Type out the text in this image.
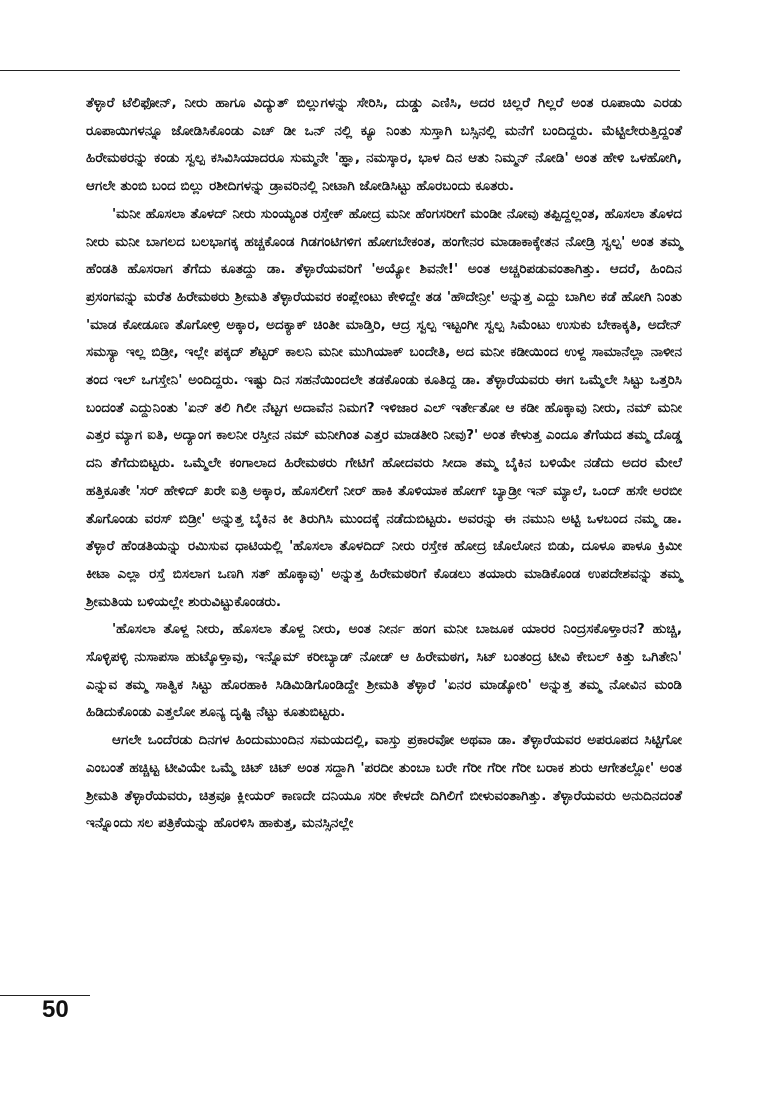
ತೆಳ್ಳಾರೆ ಟೆಲಿಫೋನ್, ನೀರು ಹಾಗೂ ವಿದ್ಯುತ್ ಬಿಲ್ಲುಗಳನ್ನು ಸೇರಿಸಿ, ದುಡ್ಡು ಎಣಿಸಿ, ಅದರ ಚಿಲ್ಲರೆ ಗಿಲ್ಲರೆ ಅಂತ ರೂಪಾಯಿ ಎರಡು ರೂಪಾಯಿಗಳನ್ನೂ ಜೋಡಿಸಿಕೊಂಡು ಎಚ್ ಡೀ ಒನ್ ನಲ್ಲಿ ಕ್ಯೂ ನಿಂತು ಸುಸ್ತಾಗಿ ಬಸ್ಸಿನಲ್ಲಿ ಮನೆಗೆ ಬಂದಿದ್ದರು. ಮೆಟ್ಟಿಲೇರುತ್ತಿದ್ದಂತೆ ಹಿರೇಮಠರನ್ನು ಕಂಡು ಸ್ವಲ್ಪ ಕಸಿವಿಸಿಯಾದರೂ ಸುಮ್ಮನೇ 'ಹ್ಞಾ, ನಮಸ್ಕಾರ, ಭಾಳ ದಿನ ಆತು ನಿಮ್ಮನ್ ನೋಡಿ' ಅಂತ ಹೇಳಿ ಒಳಹೋಗಿ, ಆಗಲೇ ತುಂಬಿ ಬಂದ ಬಿಲ್ಲು ರಶೀದಿಗಳನ್ನು ಡ್ರಾವರಿನಲ್ಲಿ ನೀಟಾಗಿ ಜೋಡಿಸಿಟ್ಟು ಹೊರಬಂದು ಕೂತರು.

'ಮನೀ ಹೊಸಲಾ ತೊಳದ್ ನೀರು ಸುಂಯ್ಯಂತ ರಸ್ತೇಕ್ ಹೋದ್ರ ಮನೀ ಹೆಂಗಸರೀಗೆ ಮಂಡೀ ನೋವು ತಪ್ಪಿದ್ದಲ್ಲಂತ, ಹೊಸಲಾ ತೊಳದ ನೀರು ಮನೀ ಬಾಗಲದ ಬಲಭಾಗಕ್ಕ ಹಚ್ಚಕೊಂಡ ಗಿಡಗಂಟಿಗಳಿಗ ಹೋಗಬೇಕಂತ, ಹಂಗೇನರ ಮಾಡಾಕಾಕ್ಕೇತನ ನೋಡ್ರಿ ಸ್ವಲ್ಪ' ಅಂತ ತಮ್ಮ ಹೆಂಡತಿ ಹೊಸರಾಗ ತೆಗೆದು ಕೂತದ್ದು ಡಾ. ತೆಳ್ಳಾರೆಯವರಿಗೆ 'ಅಯ್ಯೋ ಶಿವನೇ!' ಅಂತ ಅಚ್ಚರಿಪಡುವಂತಾಗಿತ್ತು. ಆದರೆ, ಹಿಂದಿನ ಪ್ರಸಂಗವನ್ನು ಮರೆತ ಹಿರೇಮಠರು ಶ್ರೀಮತಿ ತೆಳ್ಳಾರೆಯವರ ಕಂಪ್ಲೇಂಟು ಕೇಳಿದ್ದೇ ತಡ 'ಹೌದೇನ್ರೀ' ಅನ್ನುತ್ತ ಎದ್ದು ಬಾಗಿಲ ಕಡೆ ಹೋಗಿ ನಿಂತು 'ಮಾಡ ಕೋಡೂಣ ತೊಗೋಳ್ರಿ ಅಕ್ಕಾರ, ಅದಕ್ಯಾಕ್ ಚಿಂತೀ ಮಾಡ್ತಿರಿ, ಆದ್ರ ಸ್ವಲ್ಪ ಇಟ್ಟಂಗೀ ಸ್ವಲ್ಪ ಸಿಮೆಂಟು ಉಸುಕು ಬೇಕಾಕ್ಕತಿ, ಅದೇನ್ ಸಮಸ್ಯಾ ಇಲ್ಲ ಬಿಡ್ರೀ, ಇಲ್ಲೇ ಪಕ್ಕದ್ ಶೆಟ್ಟರ್ ಕಾಲನಿ ಮನೀ ಮುಗಿಯಾಕ್ ಬಂದೇತಿ, ಅದ ಮನೀ ಕಡೀಯಿಂದ ಉಳ್ದ ಸಾಮಾನೆಲ್ಲಾ ನಾಳೀನ ತಂದ ಇಲ್ ಒಗಸ್ತೇನಿ' ಅಂದಿದ್ದರು. ಇಷ್ಟು ದಿನ ಸಹನೆಯಿಂದಲೇ ತಡಕೊಂಡು ಕೂತಿದ್ದ ಡಾ. ತೆಳ್ಳಾರೆಯವರು ಈಗ ಒಮ್ಮೆಲೇ ಸಿಟ್ಟು ಒತ್ತರಿಸಿ ಬಂದಂತೆ ಎದ್ದುನಿಂತು 'ಏನ್ ತಲಿ ಗಿಲೀ ನೆಟ್ಟಗ ಅದಾವೆನ ನಿಮಗ? ಇಳಿಜಾರ ಎಲ್ ಇರ್ತೇತೋ ಆ ಕಡೀ ಹೊಕ್ಕಾವು ನೀರು, ನಮ್ ಮನೀ ಎತ್ತರ ಮ್ಯಾಗ ಐತಿ, ಅದ್ಯಾಂಗ ಕಾಲನೀ ರಸ್ತೀನ ನಮ್ ಮನೀಗಿಂತ ಎತ್ತರ ಮಾಡತೀರಿ ನೀವು?' ಅಂತ ಕೇಳುತ್ತ ಎಂದೂ ತೆಗೆಯದ ತಮ್ಮ ದೊಡ್ಡ ದನಿ ತೆಗೆದುಬಿಟ್ಟರು. ಒಮ್ಮೆಲೇ ಕಂಗಾಲಾದ ಹಿರೇಮಠರು ಗೇಟಿಗೆ ಹೋದವರು ಸೀದಾ ತಮ್ಮ ಬೈಕಿನ ಬಳಿಯೇ ನಡೆದು ಅದರ ಮೇಲೆ ಹತ್ತಿಕೂತೇ 'ಸರ್ ಹೇಳಿದ್ ಖರೇ ಐತ್ರಿ ಅಕ್ಕಾರ, ಹೊಸಲೀಗೆ ನೀರ್ ಹಾಕಿ ತೊಳಿಯಾಕ ಹೋಗ್ ಬ್ಯಾಡ್ರೀ ಇನ್ ಮ್ಯಾಲೆ, ಒಂದ್ ಹಸೇ ಅರಬೀ ತೊಗೊಂಡು ವರಸ್ ಬಿಡ್ರೀ' ಅನ್ನುತ್ತ ಬೈಕಿನ ಕೀ ತಿರುಗಿಸಿ ಮುಂದಕ್ಕೆ ನಡೆದುಬಿಟ್ಟರು. ಅವರನ್ನು ಈ ನಮುನಿ ಅಟ್ಟಿ ಒಳಬಂದ ನಮ್ಮ ಡಾ. ತೆಳ್ಳಾರೆ ಹೆಂಡತಿಯನ್ನು ರಮಿಸುವ ಧಾಟಿಯಲ್ಲಿ 'ಹೊಸಲಾ ತೊಳದಿದ್ ನೀರು ರಸ್ತೇಕ ಹೋದ್ರ ಚೊಲೋನ ಬಿಡು, ದೂಳೂ ಪಾಳೂ ಕ್ರಿಮೀ ಕೀಟಾ ಎಲ್ಲಾ ರಸ್ತೆ ಬಿಸಲಾಗ ಒಣಗಿ ಸತ್ ಹೊಕ್ಕಾವು' ಅನ್ನುತ್ತ ಹಿರೇಮಠರಿಗೆ ಕೊಡಲು ತಯಾರು ಮಾಡಿಕೊಂಡ ಉಪದೇಶವನ್ನು ತಮ್ಮ ಶ್ರೀಮತಿಯ ಬಳಿಯಲ್ಲೇ ಶುರುವಿಟ್ಟುಕೊಂಡರು.

'ಹೊಸಲಾ ತೊಳ್ದ ನೀರು, ಹೊಸಲಾ ತೊಳ್ದ ನೀರು, ಅಂತ ನೀರ್ನ ಹಂಗ ಮನೀ ಬಾಜೂಕ ಯಾರರ ನಿಂದ್ರಸಕೊಳ್ತಾರನ? ಹುಚ್ಚಿ, ಸೊಳ್ಳಿಪಳ್ಳಿ ನುಸಾಪಸಾ ಹುಟ್ಕೊಳ್ತಾವು, ಇನ್ನೊಮ್ ಕರೀಬ್ಯಾಡ್ ನೋಡ್ ಆ ಹಿರೇಮಠಗ, ಸಿಟ್ ಬಂತಂದ್ರ ಟೀವಿ ಕೇಬಲ್ ಕಿತ್ತು ಒಗಿತೇನಿ' ಎನ್ನುವ ತಮ್ಮ ಸಾತ್ವಿಕ ಸಿಟ್ಟು ಹೊರಹಾಕಿ ಸಿಡಿಮಿಡಿಗೊಂಡಿದ್ದೇ ಶ್ರೀಮತಿ ತೆಳ್ಳಾರೆ 'ಏನರ ಮಾಡ್ಕೋರಿ' ಅನ್ನುತ್ತ ತಮ್ಮ ನೋವಿನ ಮಂಡಿ ಹಿಡಿದುಕೊಂಡು ಎತ್ತಲೋ ಶೂನ್ಯ ದೃಷ್ಟಿ ನೆಟ್ಟು ಕೂತುಬಿಟ್ಟರು.

ಆಗಲೇ ಒಂದೆರಡು ದಿನಗಳ ಹಿಂದುಮುಂದಿನ ಸಮಯದಲ್ಲಿ, ವಾಸ್ತು ಪ್ರಕಾರವೋ ಅಥವಾ ಡಾ. ತೆಳ್ಳಾರೆಯವರ ಅಪರೂಪದ ಸಿಟ್ಟಿಗೋ ಎಂಬಂತೆ ಹಚ್ಚಿಟ್ಟ ಟೀವಿಯೇ ಒಮ್ಮೆ ಚಿಟ್ ಚಿಟ್ ಅಂತ ಸದ್ದಾಗಿ 'ಪರದೀ ತುಂಬಾ ಬರೇ ಗೆರೀ ಗೆರೀ ಗೆರೀ ಬರಾಕ ಶುರು ಆಗೇತಲ್ಲೋ' ಅಂತ ಶ್ರೀಮತಿ ತೆಳ್ಳಾರೆಯವರು, ಚಿತ್ರವೂ ಕ್ಲೀಯರ್ ಕಾಣದೇ ದನಿಯೂ ಸರೀ ಕೇಳದೇ ದಿಗಿಲಿಗೆ ಬೀಳುವಂತಾಗಿತ್ತು. ತೆಳ್ಳಾರೆಯವರು ಅನುದಿನದಂತೆ ಇನ್ನೊಂದು ಸಲ ಪತ್ರಿಕೆಯನ್ನು ಹೊರಳಿಸಿ ಹಾಕುತ್ತ, ಮನಸ್ಸಿನಲ್ಲೇ

50
